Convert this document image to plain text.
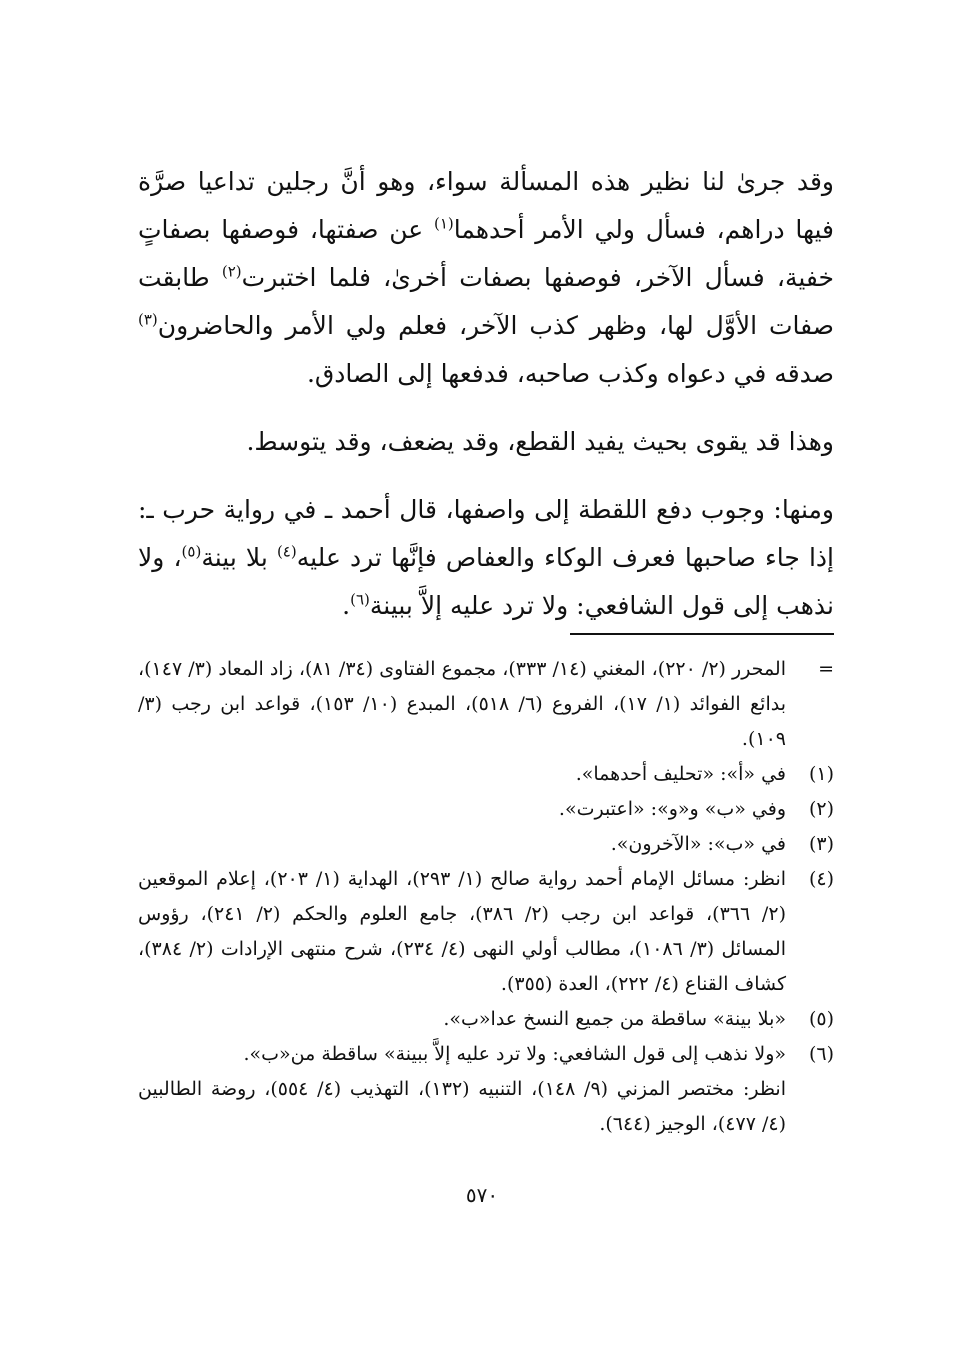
وقد جرىٰ لنا نظير هذه المسألة سواء، وهو أنَّ رجلين تداعيا صرَّة فيها دراهم، فسأل ولي الأمر أحدهما$^{(١)}$ عن صفتها، فوصفها بصفاتٍ خفية، فسأل الآخر، فوصفها بصفات أخرىٰ، فلما اختبرت$^{(٢)}$ طابقت صفات الأوَّل لها، وظهر كذب الآخر، فعلم ولي الأمر والحاضرون$^{(٣)}$ صدقه في دعواه وكذب صاحبه، فدفعها إلى الصادق.

وهذا قد يقوى بحيث يفيد القطع، وقد يضعف، وقد يتوسط.

ومنها: وجوب دفع اللقطة إلى واصفها، قال أحمد ـ في رواية حرب ـ: إذا جاء صاحبها فعرف الوكاء والعفاص فإنَّها ترد عليه$^{(٤)}$ بلا بينة$^{(٥)}$، ولا نذهب إلى قول الشافعي: ولا ترد عليه إلاَّ ببينة$^{(٦)}$.

=
المحرر (٢/ ٢٢٠)، المغني (١٤/ ٣٣٣)، مجموع الفتاوى (٣٤/ ٨١)، زاد المعاد (٣/ ١٤٧)، بدائع الفوائد (١/ ١٧)، الفروع (٦/ ٥١٨)، المبدع (١٠/ ١٥٣)، قواعد ابن رجب (٣/ ١٠٩).
(١)
في «أ»: «تحليف أحدهما».
(٢)
وفي «ب» و«و»: «اعتبرت».
(٣)
في «ب»: «الآخرون».
(٤)
انظر: مسائل الإمام أحمد رواية صالح (١/ ٢٩٣)، الهداية (١/ ٢٠٣)، إعلام الموقعين (٢/ ٣٦٦)، قواعد ابن رجب (٢/ ٣٨٦)، جامع العلوم والحكم (٢/ ٢٤١)، رؤوس المسائل (٣/ ١٠٨٦)، مطالب أولي النهى (٤/ ٢٣٤)، شرح منتهى الإرادات (٢/ ٣٨٤)، كشاف القناع (٤/ ٢٢٢)، العدة (٣٥٥).
(٥)
«بلا بينة» ساقطة من جميع النسخ عدا«ب».
(٦)
«ولا نذهب إلى قول الشافعي: ولا ترد عليه إلاَّ ببينة» ساقطة من«ب».
انظر: مختصر المزني (٩/ ١٤٨)، التنبيه (١٣٢)، التهذيب (٤/ ٥٥٤)، روضة الطالبين (٤/ ٤٧٧)، الوجيز (٦٤٤).
٥٧٠
